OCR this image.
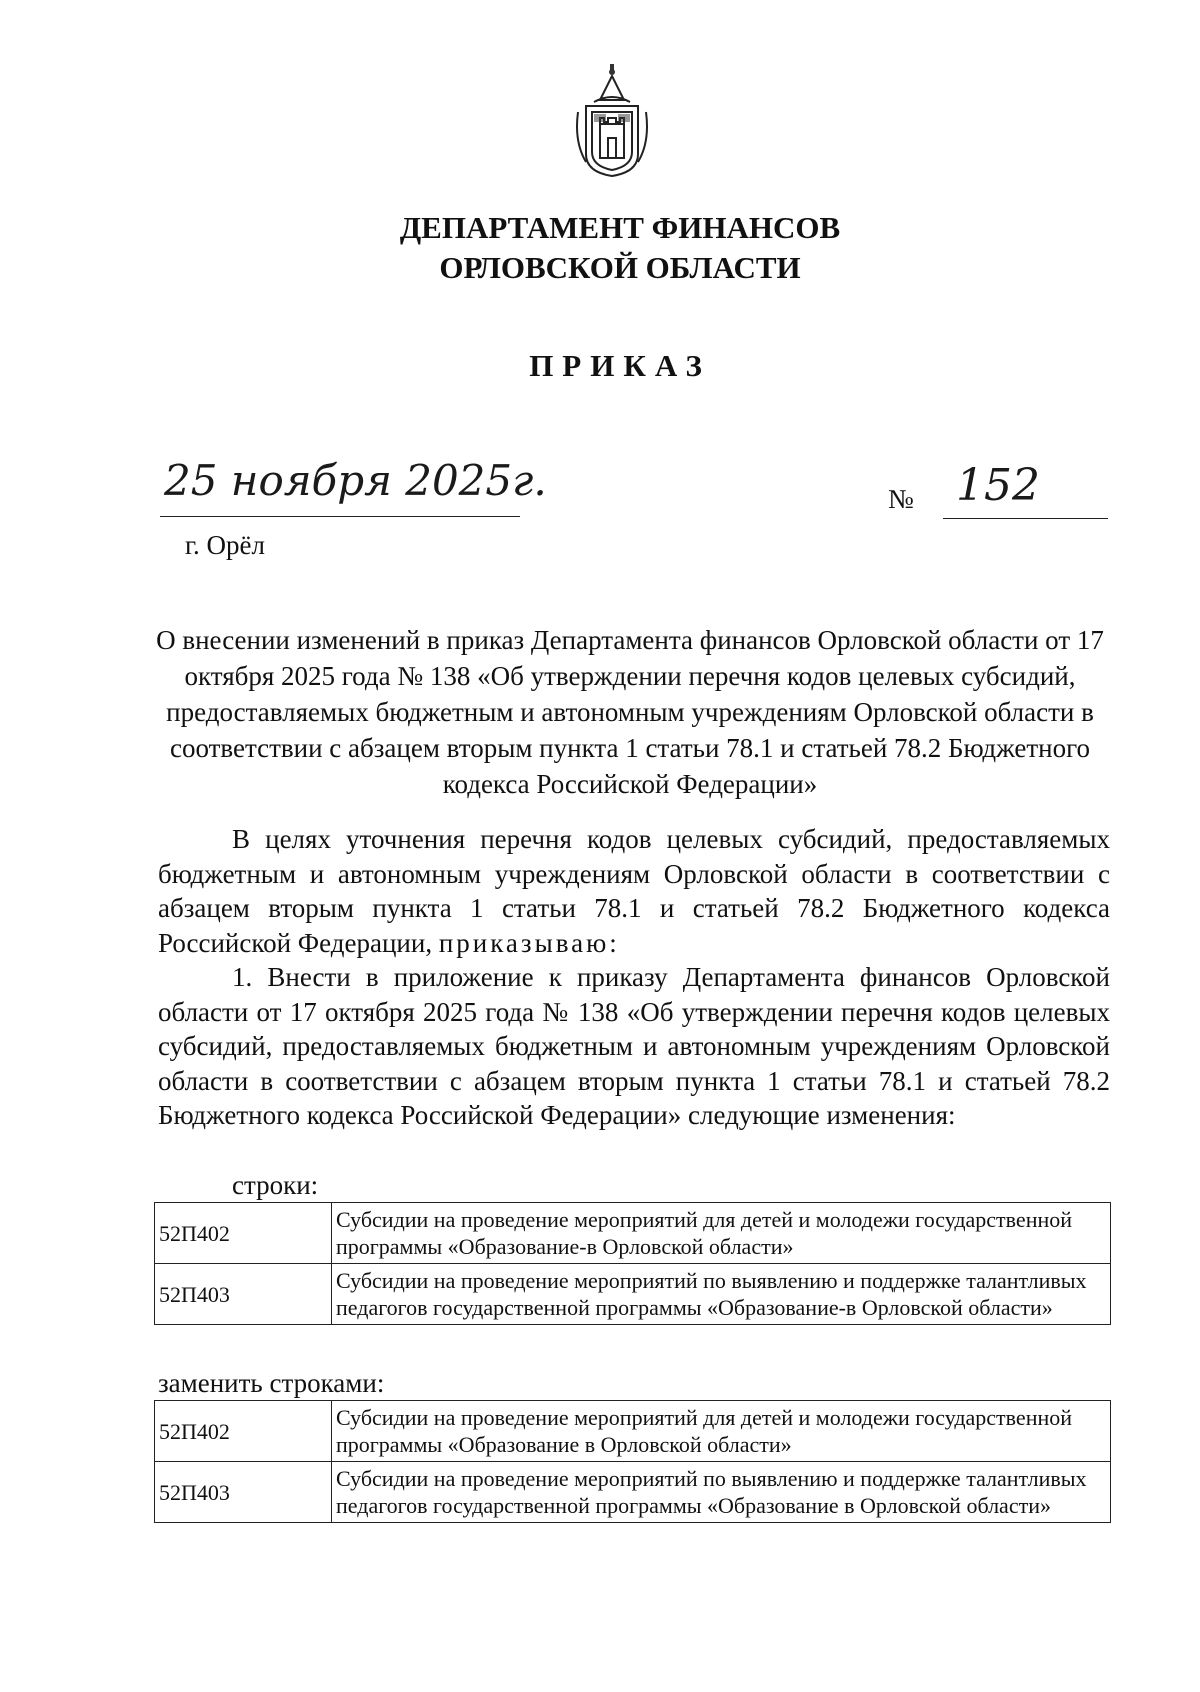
ДЕПАРТАМЕНТ ФИНАНСОВ
ОРЛОВСКОЙ ОБЛАСТИ
ПРИКАЗ
25 ноября 2025г.	№ 152
г. Орёл
О внесении изменений в приказ Департамента финансов Орловской области от 17 октября 2025 года № 138 «Об утверждении перечня кодов целевых субсидий, предоставляемых бюджетным и автономным учреждениям Орловской области в соответствии с абзацем вторым пункта 1 статьи 78.1 и статьей 78.2 Бюджетного кодекса Российской Федерации»

В целях уточнения перечня кодов целевых субсидий, предоставляемых бюджетным и автономным учреждениям Орловской области в соответствии с абзацем вторым пункта 1 статьи 78.1 и статьей 78.2 Бюджетного кодекса Российской Федерации, приказываю:

1. Внести в приложение к приказу Департамента финансов Орловской области от 17 октября 2025 года № 138 «Об утверждении перечня кодов целевых субсидий, предоставляемых бюджетным и автономным учреждениям Орловской области в соответствии с абзацем вторым пункта 1 статьи 78.1 и статьей 78.2 Бюджетного кодекса Российской Федерации» следующие изменения:

строки:
52П402	Субсидии на проведение мероприятий для детей и молодежи государственной программы «Образование-в Орловской области»
52П403	Субсидии на проведение мероприятий по выявлению и поддержке талантливых педагогов государственной программы «Образование-в Орловской области»
заменить строками:
52П402	Субсидии на проведение мероприятий для детей и молодежи государственной программы «Образование в Орловской области»
52П403	Субсидии на проведение мероприятий по выявлению и поддержке талантливых педагогов государственной программы «Образование в Орловской области»
